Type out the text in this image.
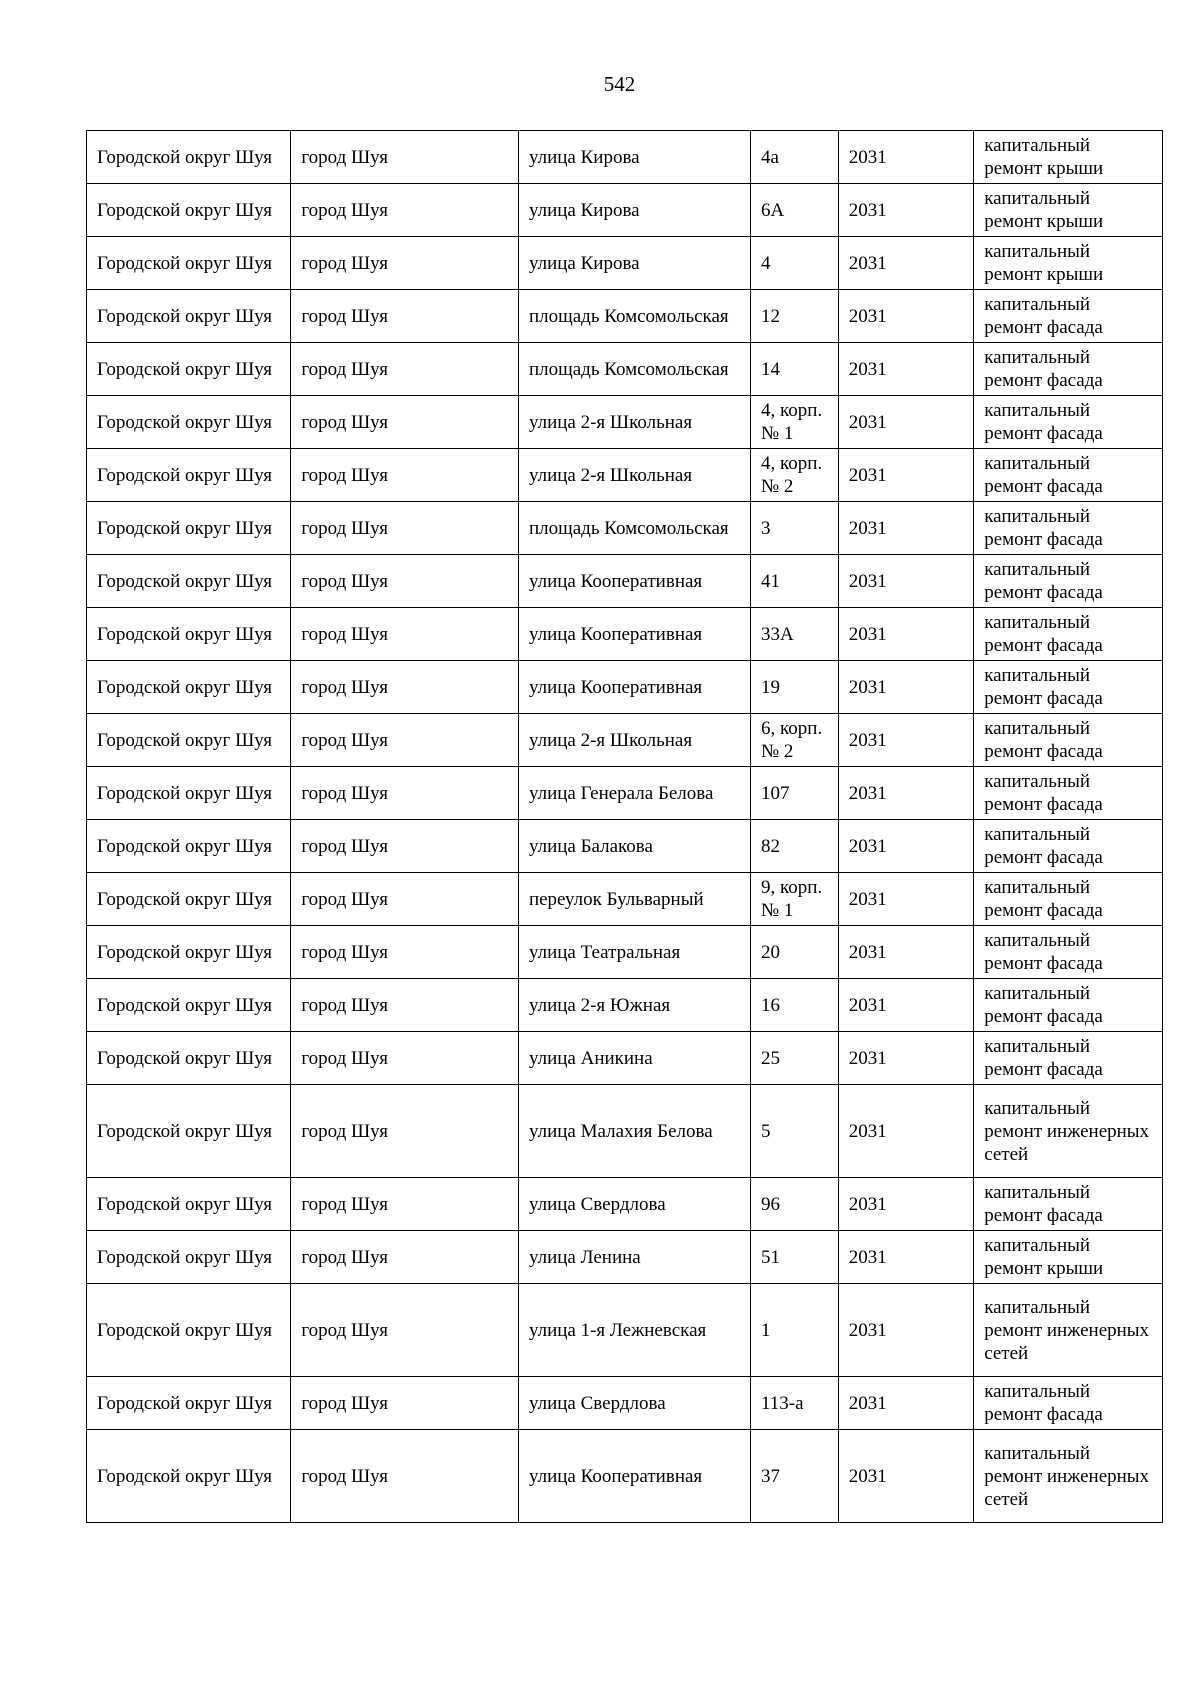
542
Городской округ Шуя	город Шуя	улица Кирова	4а	2031	капитальный ремонт крыши
Городской округ Шуя	город Шуя	улица Кирова	6А	2031	капитальный ремонт крыши
Городской округ Шуя	город Шуя	улица Кирова	4	2031	капитальный ремонт крыши
Городской округ Шуя	город Шуя	площадь Комсомольская	12	2031	капитальный ремонт фасада
Городской округ Шуя	город Шуя	площадь Комсомольская	14	2031	капитальный ремонт фасада
Городской округ Шуя	город Шуя	улица 2-я Школьная	4, корп. № 1	2031	капитальный ремонт фасада
Городской округ Шуя	город Шуя	улица 2-я Школьная	4, корп. № 2	2031	капитальный ремонт фасада
Городской округ Шуя	город Шуя	площадь Комсомольская	3	2031	капитальный ремонт фасада
Городской округ Шуя	город Шуя	улица Кооперативная	41	2031	капитальный ремонт фасада
Городской округ Шуя	город Шуя	улица Кооперативная	33А	2031	капитальный ремонт фасада
Городской округ Шуя	город Шуя	улица Кооперативная	19	2031	капитальный ремонт фасада
Городской округ Шуя	город Шуя	улица 2-я Школьная	6, корп. № 2	2031	капитальный ремонт фасада
Городской округ Шуя	город Шуя	улица Генерала Белова	107	2031	капитальный ремонт фасада
Городской округ Шуя	город Шуя	улица Балакова	82	2031	капитальный ремонт фасада
Городской округ Шуя	город Шуя	переулок Бульварный	9, корп. № 1	2031	капитальный ремонт фасада
Городской округ Шуя	город Шуя	улица Театральная	20	2031	капитальный ремонт фасада
Городской округ Шуя	город Шуя	улица 2-я Южная	16	2031	капитальный ремонт фасада
Городской округ Шуя	город Шуя	улица Аникина	25	2031	капитальный ремонт фасада
Городской округ Шуя	город Шуя	улица Малахия Белова	5	2031	капитальный ремонт инженерных сетей
Городской округ Шуя	город Шуя	улица Свердлова	96	2031	капитальный ремонт фасада
Городской округ Шуя	город Шуя	улица Ленина	51	2031	капитальный ремонт крыши
Городской округ Шуя	город Шуя	улица 1-я Лежневская	1	2031	капитальный ремонт инженерных сетей
Городской округ Шуя	город Шуя	улица Свердлова	113-а	2031	капитальный ремонт фасада
Городской округ Шуя	город Шуя	улица Кооперативная	37	2031	капитальный ремонт инженерных сетей
